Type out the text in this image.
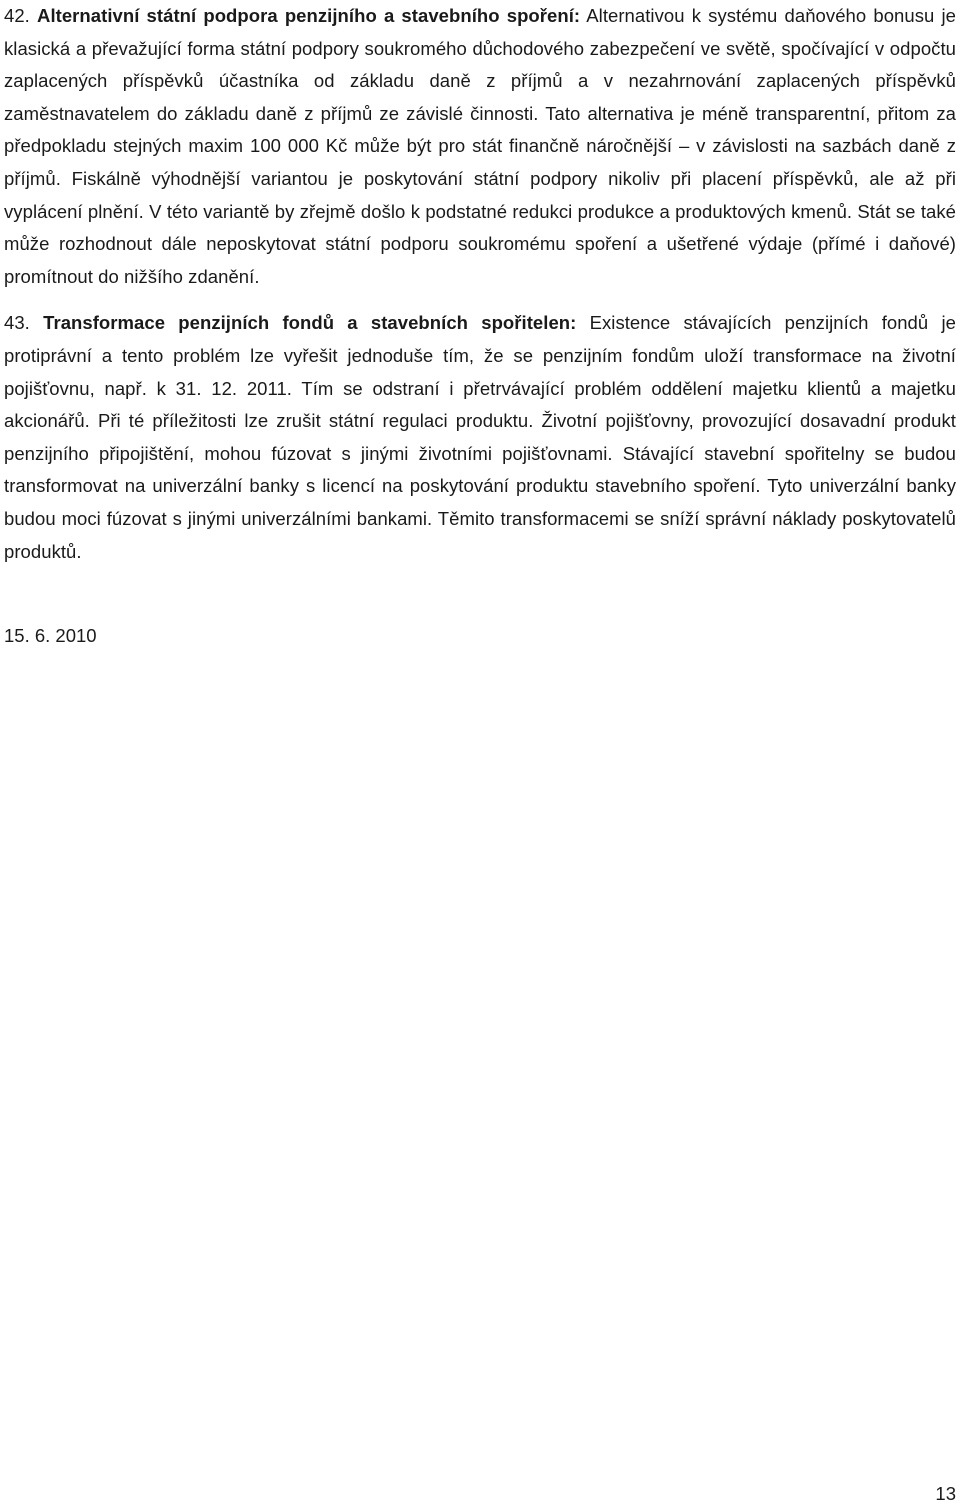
42. Alternativní státní podpora penzijního a stavebního spoření: Alternativou k systému daňového bonusu je klasická a převažující forma státní podpory soukromého důchodového zabezpečení ve světě, spočívající v odpočtu zaplacených příspěvků účastníka od základu daně z příjmů a v nezahrnování zaplacených příspěvků zaměstnavatelem do základu daně z příjmů ze závislé činnosti. Tato alternativa je méně transparentní, přitom za předpokladu stejných maxim 100 000 Kč může být pro stát finančně náročnější – v závislosti na sazbách daně z příjmů. Fiskálně výhodnější variantou je poskytování státní podpory nikoliv při placení příspěvků, ale až při vyplácení plnění. V této variantě by zřejmě došlo k podstatné redukci produkce a produktových kmenů. Stát se také může rozhodnout dále neposkytovat státní podporu soukromému spoření a ušetřené výdaje (přímé i daňové) promítnout do nižšího zdanění.

43. Transformace penzijních fondů a stavebních spořitelen: Existence stávajících penzijních fondů je protiprávní a tento problém lze vyřešit jednoduše tím, že se penzijním fondům uloží transformace na životní pojišťovnu, např. k 31. 12. 2011. Tím se odstraní i přetrvávající problém oddělení majetku klientů a majetku akcionářů. Při té příležitosti lze zrušit státní regulaci produktu. Životní pojišťovny, provozující dosavadní produkt penzijního připojištění, mohou fúzovat s jinými životními pojišťovnami. Stávající stavební spořitelny se budou transformovat na univerzální banky s licencí na poskytování produktu stavebního spoření. Tyto univerzální banky budou moci fúzovat s jinými univerzálními bankami. Těmito transformacemi se sníží správní náklady poskytovatelů produktů.

15. 6. 2010

13
